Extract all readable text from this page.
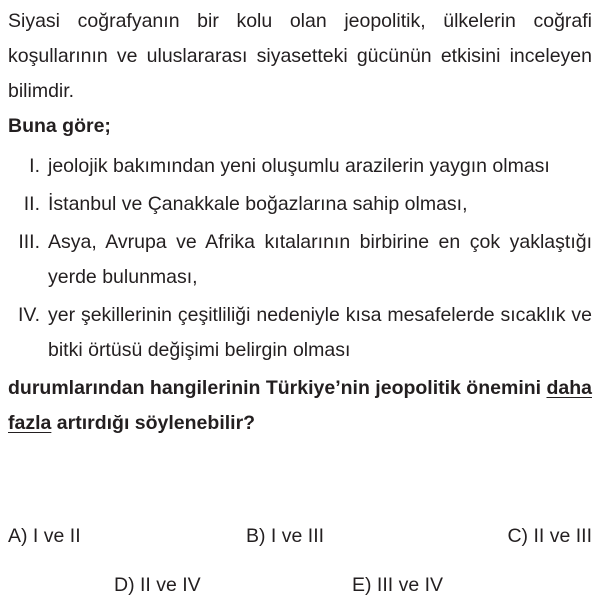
Siyasi coğrafyanın bir kolu olan jeopolitik, ülkelerin coğrafi koşullarının ve uluslararası siyasetteki gücünün etkisini inceleyen bilimdir.

Buna göre;

I. jeolojik bakımından yeni oluşumlu arazilerin yaygın olması
II. İstanbul ve Çanakkale boğazlarına sahip olması,
III. Asya, Avrupa ve Afrika kıtalarının birbirine en çok yaklaştığı yerde bulunması,
IV. yer şekillerinin çeşitliliği nedeniyle kısa mesafelerde sıcaklık ve bitki örtüsü değişimi belirgin olması

durumlarından hangilerinin Türkiye’nin jeopolitik önemini daha fazla artırdığı söylenebilir?

A) I ve II	B) I ve III	C) II ve III
D) II ve IV	E) III ve IV
